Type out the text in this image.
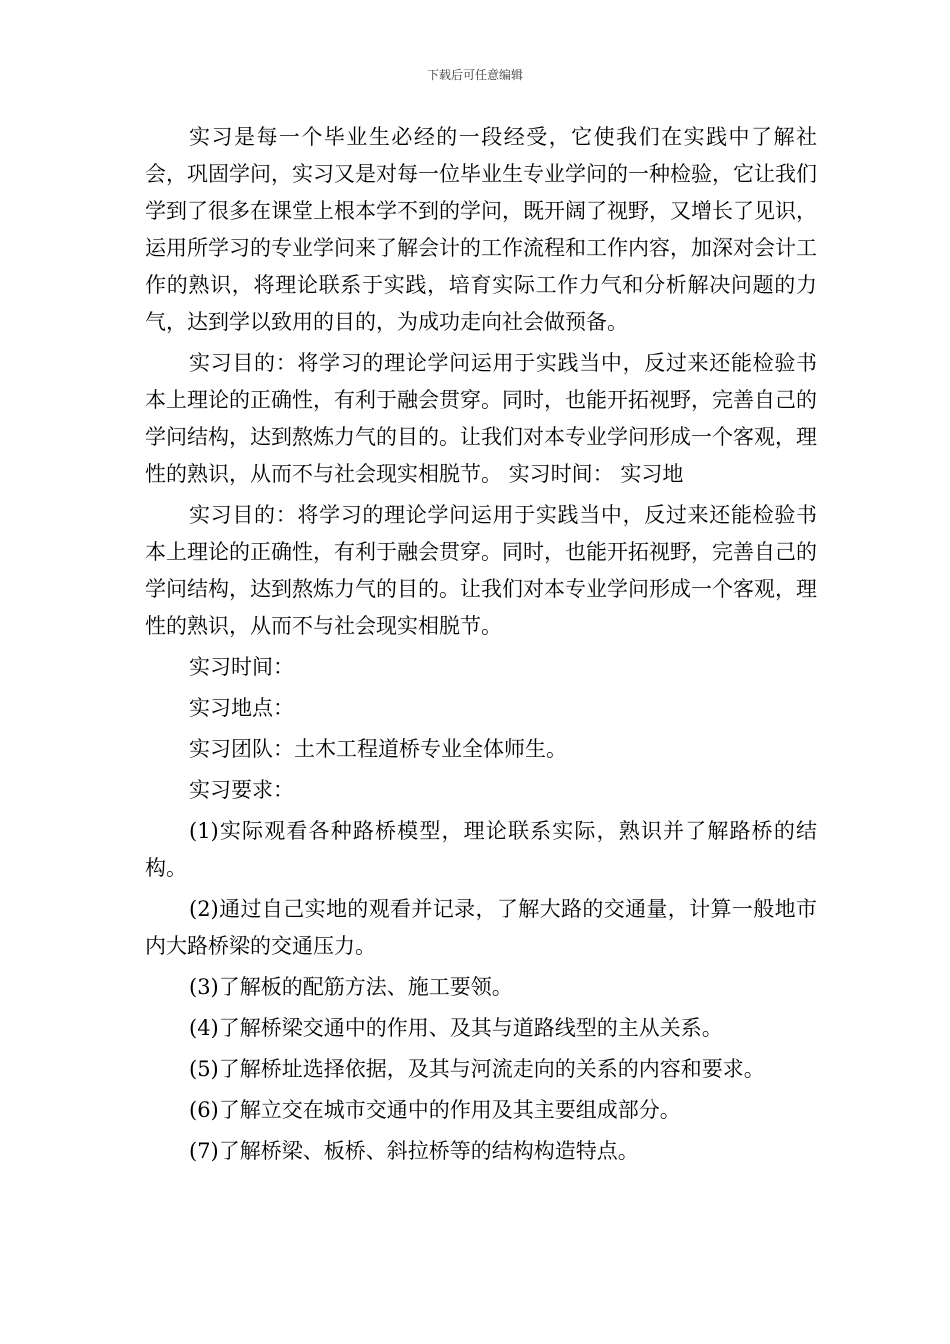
下载后可任意编辑

实习是每一个毕业生必经的一段经受，它使我们在实践中了解社会，巩固学问，实习又是对每一位毕业生专业学问的一种检验，它让我们学到了很多在课堂上根本学不到的学问，既开阔了视野，又增长了见识，运用所学习的专业学问来了解会计的工作流程和工作内容，加深对会计工作的熟识，将理论联系于实践，培育实际工作力气和分析解决问题的力气，达到学以致用的目的，为成功走向社会做预备。

实习目的：将学习的理论学问运用于实践当中，反过来还能检验书本上理论的正确性，有利于融会贯穿。同时，也能开拓视野，完善自己的学问结构，达到熬炼力气的目的。让我们对本专业学问形成一个客观，理性的熟识，从而不与社会现实相脱节。 实习时间： 实习地

实习目的：将学习的理论学问运用于实践当中，反过来还能检验书本上理论的正确性，有利于融会贯穿。同时，也能开拓视野，完善自己的学问结构，达到熬炼力气的目的。让我们对本专业学问形成一个客观，理性的熟识，从而不与社会现实相脱节。

实习时间：

实习地点：

实习团队：土木工程道桥专业全体师生。

实习要求：

(1)实际观看各种路桥模型，理论联系实际，熟识并了解路桥的结构。

(2)通过自己实地的观看并记录，了解大路的交通量，计算一般地市内大路桥梁的交通压力。

(3)了解板的配筋方法、施工要领。

(4)了解桥梁交通中的作用、及其与道路线型的主从关系。

(5)了解桥址选择依据，及其与河流走向的关系的内容和要求。

(6)了解立交在城市交通中的作用及其主要组成部分。

(7)了解桥梁、板桥、斜拉桥等的结构构造特点。
